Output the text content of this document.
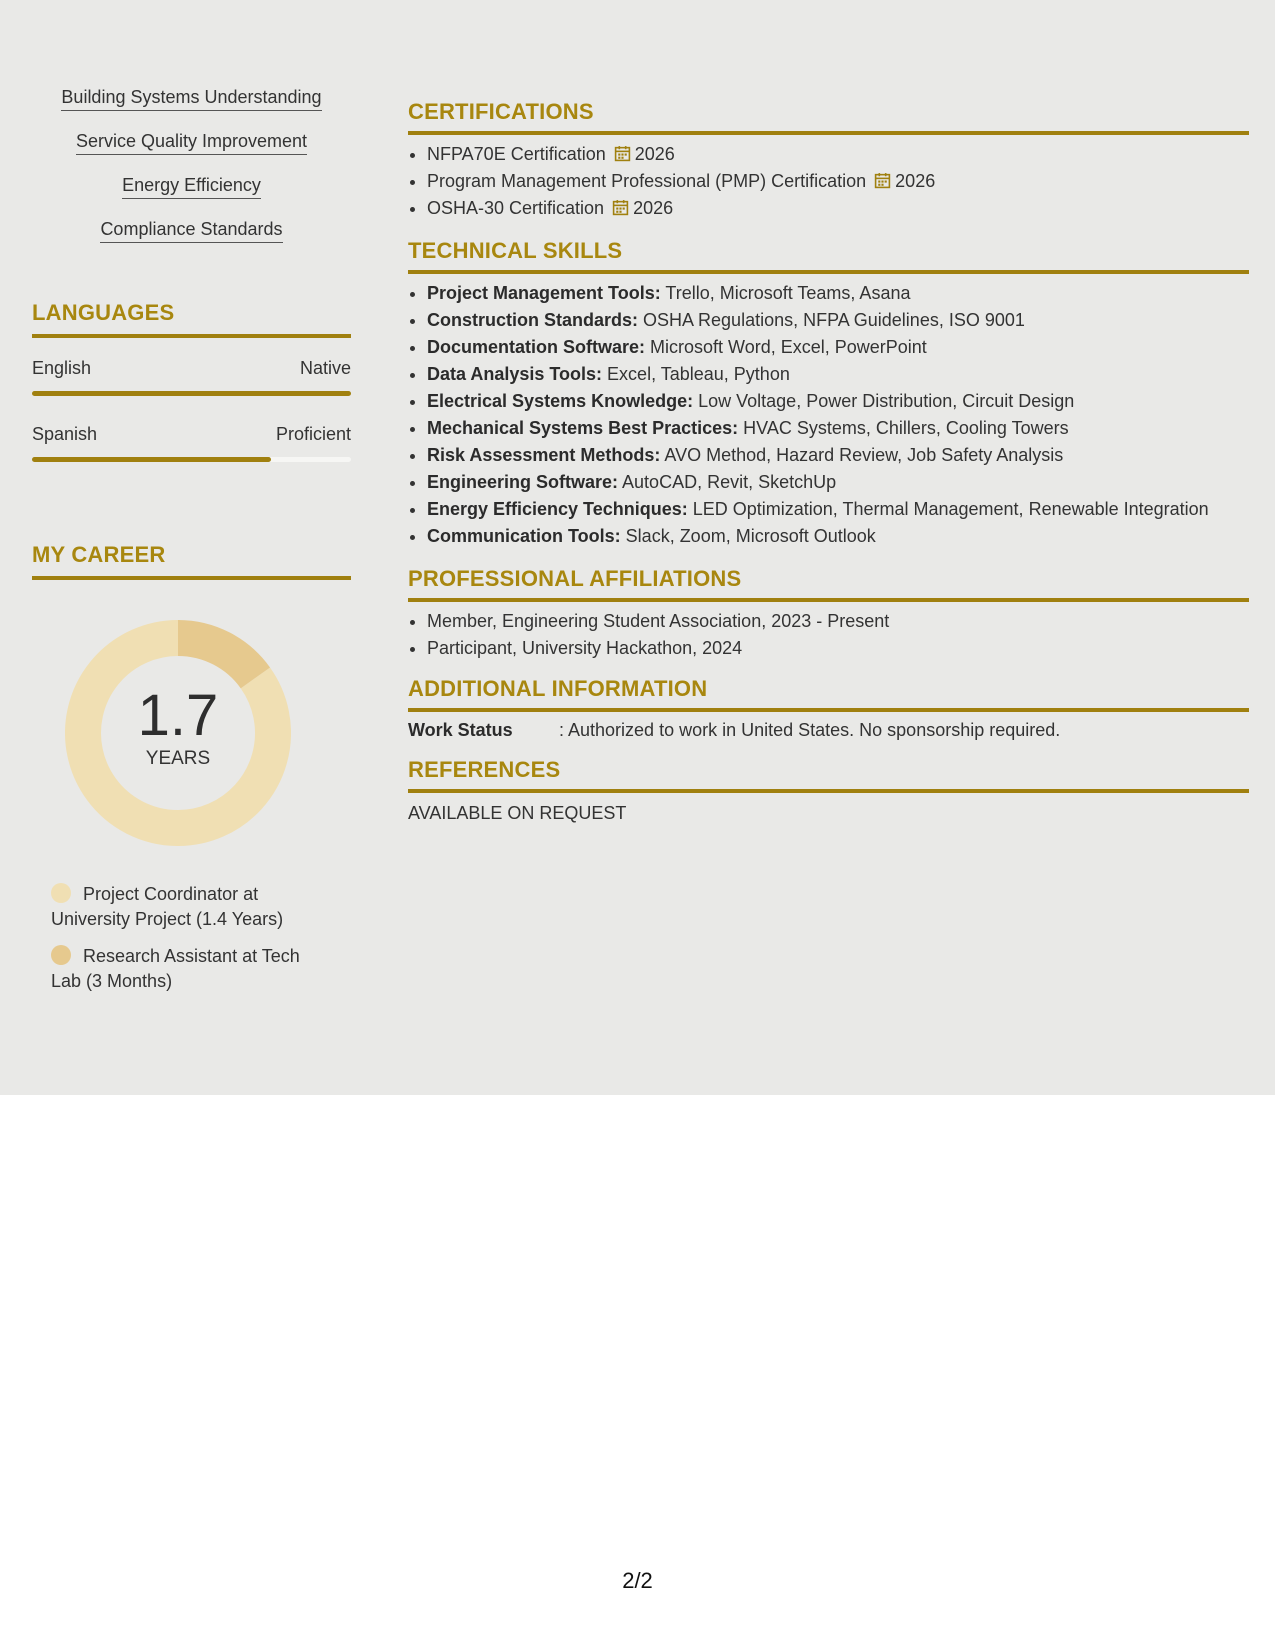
Building Systems Understanding
Service Quality Improvement
Energy Efficiency
Compliance Standards
LANGUAGES
English	Native
Spanish	Proficient
MY CAREER
1.7
YEARS
Project Coordinator at University Project (1.4 Years)
Research Assistant at Tech Lab (3 Months)
CERTIFICATIONS
• NFPA70E Certification 2026
• Program Management Professional (PMP) Certification 2026
• OSHA-30 Certification 2026
TECHNICAL SKILLS
• Project Management Tools: Trello, Microsoft Teams, Asana
• Construction Standards: OSHA Regulations, NFPA Guidelines, ISO 9001
• Documentation Software: Microsoft Word, Excel, PowerPoint
• Data Analysis Tools: Excel, Tableau, Python
• Electrical Systems Knowledge: Low Voltage, Power Distribution, Circuit Design
• Mechanical Systems Best Practices: HVAC Systems, Chillers, Cooling Towers
• Risk Assessment Methods: AVO Method, Hazard Review, Job Safety Analysis
• Engineering Software: AutoCAD, Revit, SketchUp
• Energy Efficiency Techniques: LED Optimization, Thermal Management, Renewable Integration
• Communication Tools: Slack, Zoom, Microsoft Outlook
PROFESSIONAL AFFILIATIONS
• Member, Engineering Student Association, 2023 - Present
• Participant, University Hackathon, 2024
ADDITIONAL INFORMATION
Work Status	: Authorized to work in United States. No sponsorship required.
REFERENCES
AVAILABLE ON REQUEST
2/2
